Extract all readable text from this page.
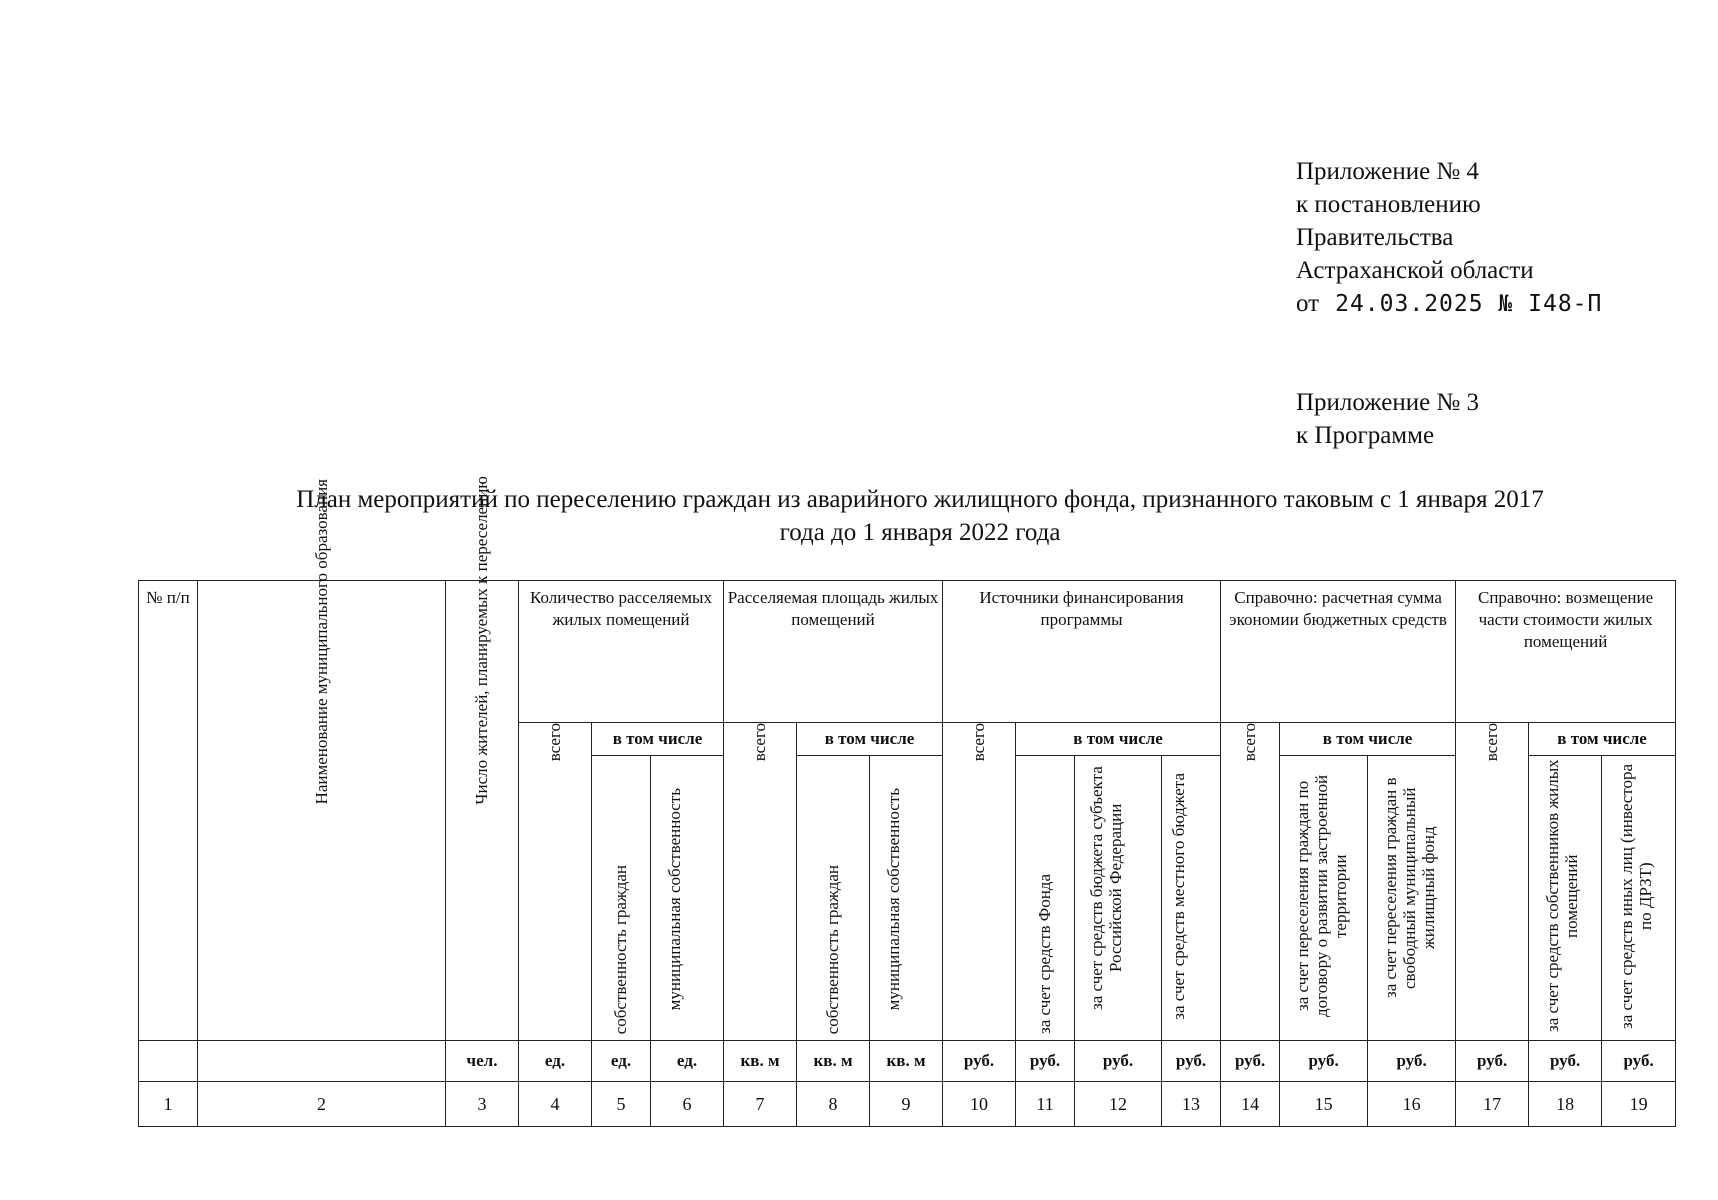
Приложение № 4
к постановлению
Правительства
Астраханской области
от 24.03.2025 № I48-П
Приложение № 3
к Программе
План мероприятий по переселению граждан из аварийного жилищного фонда, признанного таковым с 1 января 2017
года до 1 января 2022 года
№ п/п	Наименование муниципального образования	Число жителей, планируемых к переселению	Количество расселяемых жилых помещений			Расселяемая площадь жилых помещений			Источники финансирования программы				Справочно: расчетная сумма экономии бюджетных средств			Справочно: возмещение части стоимости жилых помещений		

			всего	в том числе		всего	в том числе		всего	в том числе			всего	в том числе		всего	в том числе	

				собственность граждан	муниципальная собственность		собственность граждан	муниципальная собственность		за счет средств Фонда	за счет средств бюджета субъекта Российской Федерации	за счет средств местного бюджета		за счет переселения граждан по договору о развитии застроенной территории	за счет переселения граждан в свободный муниципальный жилищный фонд		за счет средств собственников жилых помещений	за счет средств иных лиц (инвестора по ДРЗТ)

		чел.	ед.	ед.	ед.	кв. м	кв. м	кв. м	руб.	руб.	руб.	руб.	руб.	руб.	руб.	руб.	руб.	руб.
1	2	3	4	5	6	7	8	9	10	11	12	13	14	15	16	17	18	19
